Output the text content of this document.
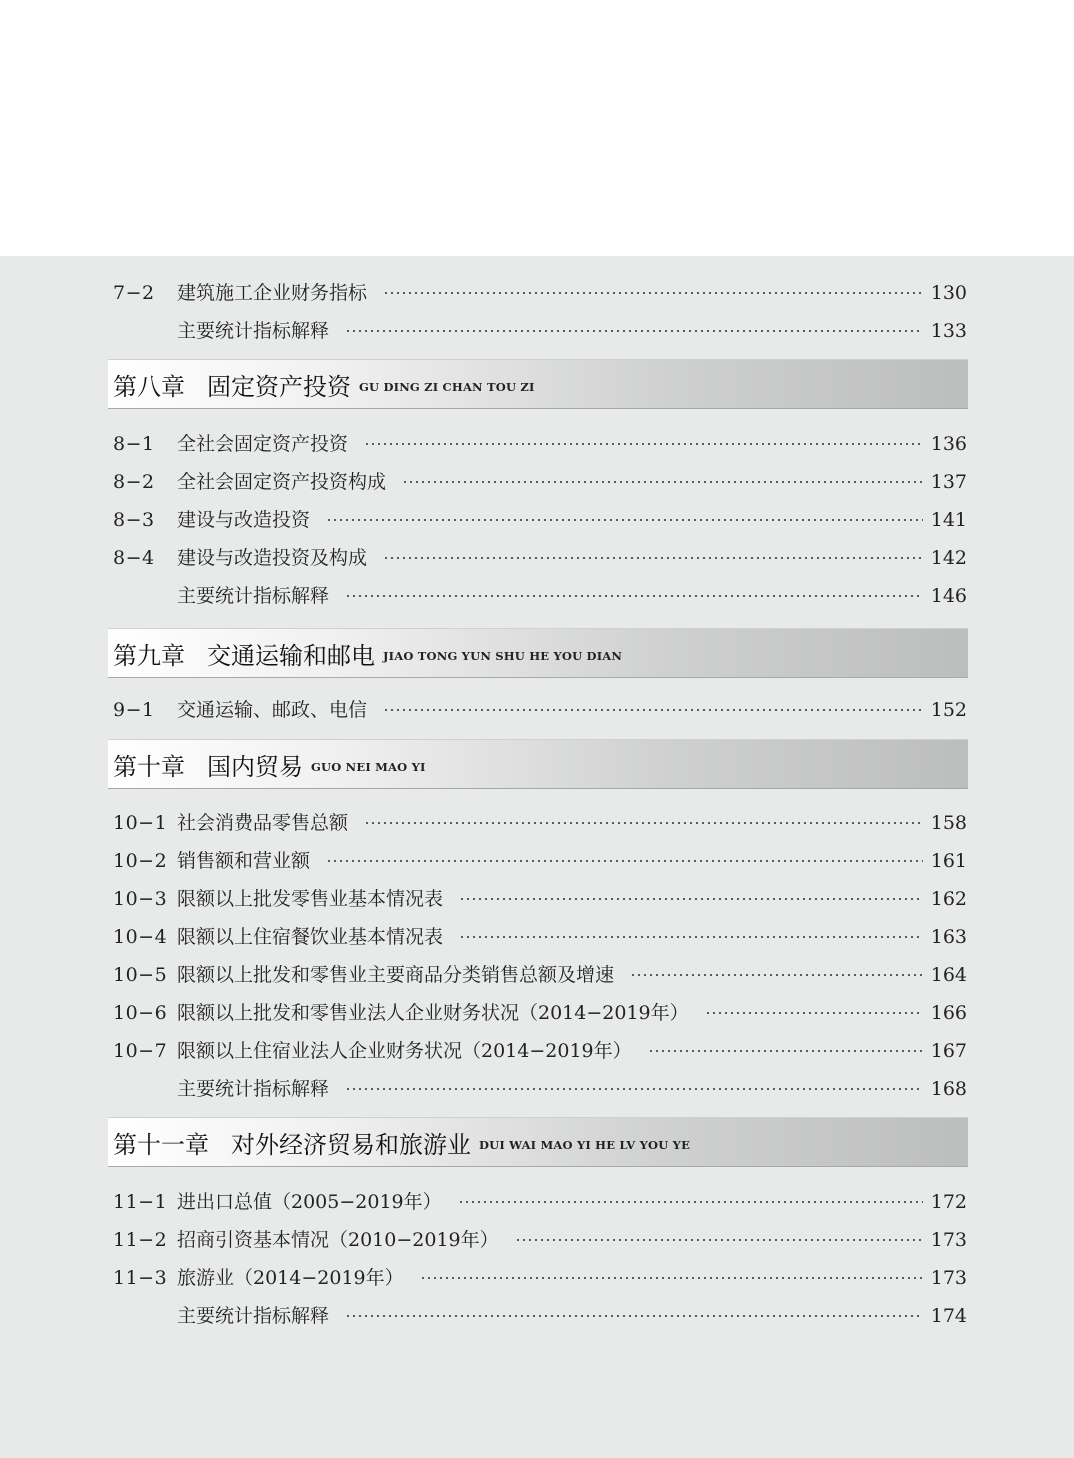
7−2	建筑施工企业财务指标	130
主要统计指标解释	133
第八章 固定资产投资 GU DING ZI CHAN TOU ZI
8−1	全社会固定资产投资	136
8−2	全社会固定资产投资构成	137
8−3	建设与改造投资	141
8−4	建设与改造投资及构成	142
主要统计指标解释	146
第九章 交通运输和邮电 JIAO TONG YUN SHU HE YOU DIAN
9−1	交通运输、邮政、电信	152
第十章 国内贸易 GUO NEI MAO YI
10−1 社会消费品零售总额	158
10−2 销售额和营业额	161
10−3 限额以上批发零售业基本情况表	162
10−4 限额以上住宿餐饮业基本情况表	163
10−5 限额以上批发和零售业主要商品分类销售总额及增速	164
10−6 限额以上批发和零售业法人企业财务状况（2014−2019年）	166
10−7 限额以上住宿业法人企业财务状况（2014−2019年）	167
主要统计指标解释	168
第十一章 对外经济贸易和旅游业 DUI WAI MAO YI HE LV YOU YE
11−1 进出口总值（2005−2019年）	172
11−2 招商引资基本情况（2010−2019年）	173
11−3 旅游业（2014−2019年）	173
主要统计指标解释	174
